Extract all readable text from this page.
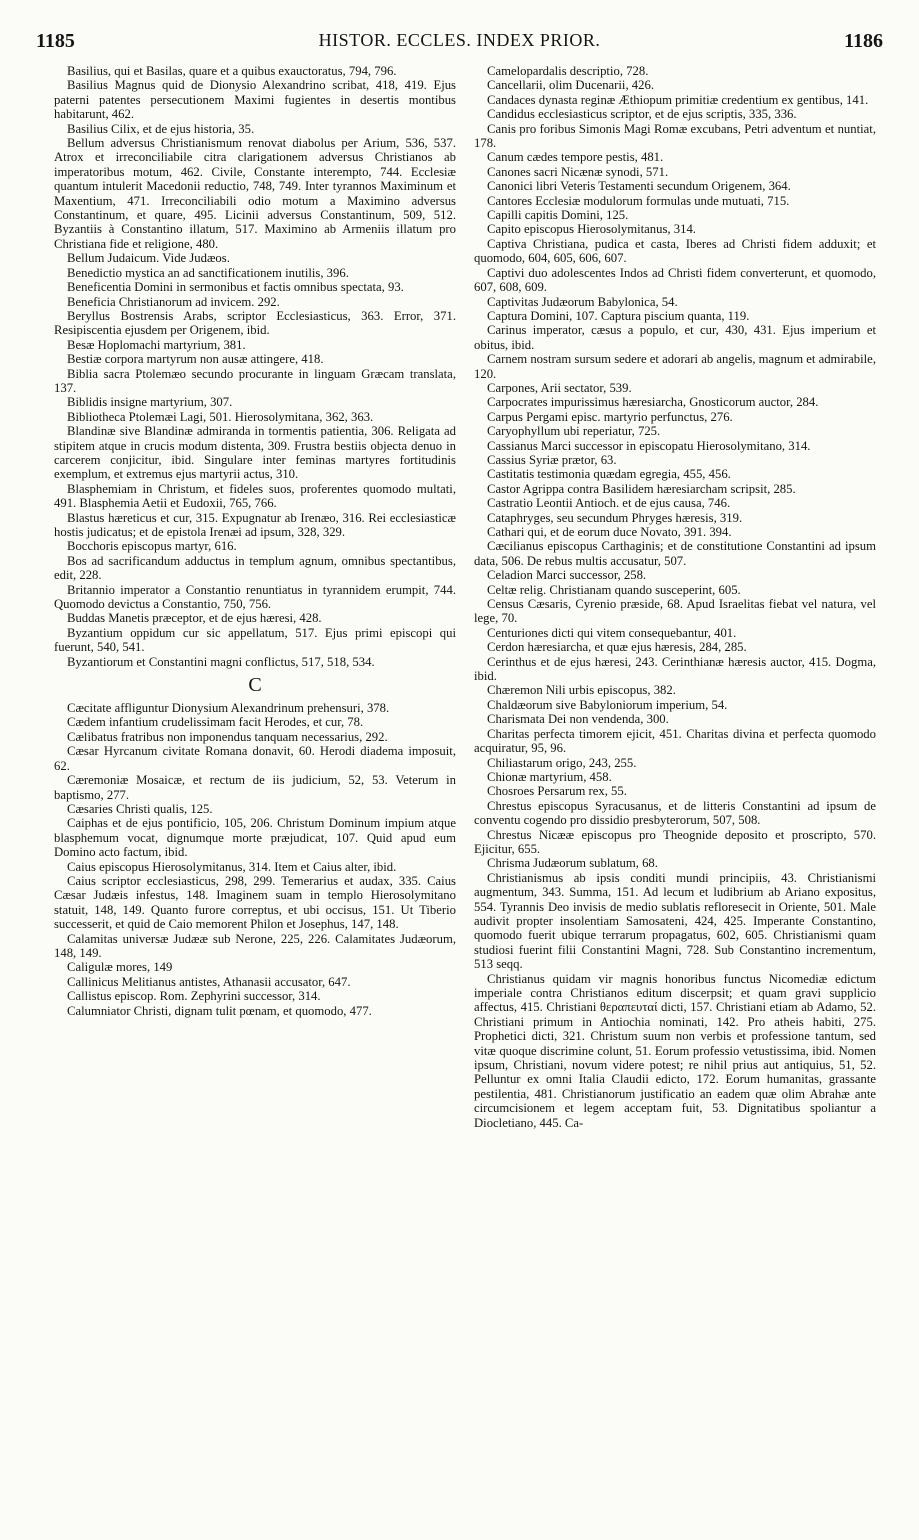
1185	HISTOR. ECCLES. INDEX PRIOR.	1186

Basilius, qui et Basilas, quare et a quibus exauctoratus, 794, 796.

Basilius Magnus quid de Dionysio Alexandrino scribat, 418, 419. Ejus paterni patentes persecutionem Maximi fugientes in desertis montibus habitarunt, 462.

Basilius Cilix, et de ejus historia, 35.

Bellum adversus Christianismum renovat diabolus per Arium, 536, 537. Atrox et irreconciliabile citra clarigationem adversus Christianos ab imperatoribus motum, 462. Civile, Constante interempto, 744. Ecclesiæ quantum intulerit Macedonii reductio, 748, 749. Inter tyrannos Maximinum et Maxentium, 471. Irreconciliabili odio motum a Maximino adversus Constantinum, et quare, 495. Licinii adversus Constantinum, 509, 512. Byzantiis à Constantino illatum, 517. Maximino ab Armeniis illatum pro Christiana fide et religione, 480.

Bellum Judaicum. Vide Judæos.

Benedictio mystica an ad sanctificationem inutilis, 396.

Beneficentia Domini in sermonibus et factis omnibus spectata, 93.

Beneficia Christianorum ad invicem. 292.

Beryllus Bostrensis Arabs, scriptor Ecclesiasticus, 363. Error, 371. Resipiscentia ejusdem per Origenem, ibid.

Besæ Hoplomachi martyrium, 381.

Bestiæ corpora martyrum non ausæ attingere, 418.

Biblia sacra Ptolemæo secundo procurante in linguam Græcam translata, 137.

Biblidis insigne martyrium, 307.

Bibliotheca Ptolemæi Lagi, 501. Hierosolymitana, 362, 363.

Blandinæ sive Blandinæ admiranda in tormentis patientia, 306. Religata ad stipitem atque in crucis modum distenta, 309. Frustra bestiis objecta denuo in carcerem conjicitur, ibid. Singulare inter feminas martyres fortitudinis exemplum, et extremus ejus martyrii actus, 310.

Blasphemiam in Christum, et fideles suos, proferentes quomodo multati, 491. Blasphemia Aetii et Eudoxii, 765, 766.

Blastus hæreticus et cur, 315. Expugnatur ab Irenæo, 316. Rei ecclesiasticæ hostis judicatus; et de epistola Irenæi ad ipsum, 328, 329.

Bocchoris episcopus martyr, 616.

Bos ad sacrificandum adductus in templum agnum, omnibus spectantibus, edit, 228.

Britannio imperator a Constantio renuntiatus in tyrannidem erumpit, 744. Quomodo devictus a Constantio, 750, 756.

Buddas Manetis præceptor, et de ejus hæresi, 428.

Byzantium oppidum cur sic appellatum, 517. Ejus primi episcopi qui fuerunt, 540, 541.

Byzantiorum et Constantini magni conflictus, 517, 518, 534.

C

Cæcitate affliguntur Dionysium Alexandrinum prehensuri, 378.

Cædem infantium crudelissimam facit Herodes, et cur, 78.

Cælibatus fratribus non imponendus tanquam necessarius, 292.

Cæsar Hyrcanum civitate Romana donavit, 60. Herodi diadema imposuit, 62.

Cæremoniæ Mosaicæ, et rectum de iis judicium, 52, 53. Veterum in baptismo, 277.

Cæsaries Christi qualis, 125.

Caiphas et de ejus pontificio, 105, 206. Christum Dominum impium atque blasphemum vocat, dignumque morte præjudicat, 107. Quid apud eum Domino acto factum, ibid.

Caius episcopus Hierosolymitanus, 314. Item et Caius alter, ibid.

Caius scriptor ecclesiasticus, 298, 299. Temerarius et audax, 335. Caius Cæsar Judæis infestus, 148. Imaginem suam in templo Hierosolymitano statuit, 148, 149. Quanto furore correptus, et ubi occisus, 151. Ut Tiberio successerit, et quid de Caio memorent Philon et Josephus, 147, 148.

Calamitas universæ Judææ sub Nerone, 225, 226. Calamitates Judæorum, 148, 149.

Caligulæ mores, 149

Callinicus Melitianus antistes, Athanasii accusator, 647.

Callistus episcop. Rom. Zephyrini successor, 314.

Calumniator Christi, dignam tulit pœnam, et quomodo, 477.

Camelopardalis descriptio, 728.

Cancellarii, olim Ducenarii, 426.

Candaces dynasta reginæ Æthiopum primitiæ credentium ex gentibus, 141.

Candidus ecclesiasticus scriptor, et de ejus scriptis, 335, 336.

Canis pro foribus Simonis Magi Romæ excubans, Petri adventum et nuntiat, 178.

Canum cædes tempore pestis, 481.

Canones sacri Nicænæ synodi, 571.

Canonici libri Veteris Testamenti secundum Origenem, 364.

Cantores Ecclesiæ modulorum formulas unde mutuati, 715.

Capilli capitis Domini, 125.

Capito episcopus Hierosolymitanus, 314.

Captiva Christiana, pudica et casta, Iberes ad Christi fidem adduxit; et quomodo, 604, 605, 606, 607.

Captivi duo adolescentes Indos ad Christi fidem converterunt, et quomodo, 607, 608, 609.

Captivitas Judæorum Babylonica, 54.

Captura Domini, 107. Captura piscium quanta, 119.

Carinus imperator, cæsus a populo, et cur, 430, 431. Ejus imperium et obitus, ibid.

Carnem nostram sursum sedere et adorari ab angelis, magnum et admirabile, 120.

Carpones, Arii sectator, 539.

Carpocrates impurissimus hæresiarcha, Gnosticorum auctor, 284.

Carpus Pergami episc. martyrio perfunctus, 276.

Caryophyllum ubi reperiatur, 725.

Cassianus Marci successor in episcopatu Hierosolymitano, 314.

Cassius Syriæ prætor, 63.

Castitatis testimonia quædam egregia, 455, 456.

Castor Agrippa contra Basilidem hæresiarcham scripsit, 285.

Castratio Leontii Antioch. et de ejus causa, 746.

Cataphryges, seu secundum Phryges hæresis, 319.

Cathari qui, et de eorum duce Novato, 391. 394.

Cæcilianus episcopus Carthaginis; et de constitutione Constantini ad ipsum data, 506. De rebus multis accusatur, 507.

Celadion Marci successor, 258.

Celtæ relig. Christianam quando susceperint, 605.

Census Cæsaris, Cyrenio præside, 68. Apud Israelitas fiebat vel natura, vel lege, 70.

Centuriones dicti qui vitem consequebantur, 401.

Cerdon hæresiarcha, et quæ ejus hæresis, 284, 285.

Cerinthus et de ejus hæresi, 243. Cerinthianæ hæresis auctor, 415. Dogma, ibid.

Chæremon Nili urbis episcopus, 382.

Chaldæorum sive Babyloniorum imperium, 54.

Charismata Dei non vendenda, 300.

Charitas perfecta timorem ejicit, 451. Charitas divina et perfecta quomodo acquiratur, 95, 96.

Chiliastarum origo, 243, 255.

Chionæ martyrium, 458.

Chosroes Persarum rex, 55.

Chrestus episcopus Syracusanus, et de litteris Constantini ad ipsum de conventu cogendo pro dissidio presbyterorum, 507, 508.

Chrestus Nicææ episcopus pro Theognide deposito et proscripto, 570. Ejicitur, 655.

Chrisma Judæorum sublatum, 68.

Christianismus ab ipsis conditi mundi principiis, 43. Christianismi augmentum, 343. Summa, 151. Ad lecum et ludibrium ab Ariano expositus, 554. Tyrannis Deo invisis de medio sublatis refloresecit in Oriente, 501. Male audivit propter insolentiam Samosateni, 424, 425. Imperante Constantino, quomodo fuerit ubique terrarum propagatus, 602, 605. Christianismi quam studiosi fuerint filii Constantini Magni, 728. Sub Constantino incrementum, 513 seqq.

Christianus quidam vir magnis honoribus functus Nicomediæ edictum imperiale contra Christianos editum discerpsit; et quam gravi supplicio affectus, 415. Christiani θεραπευταί dicti, 157. Christiani etiam ab Adamo, 52. Christiani primum in Antiochia nominati, 142. Pro atheis habiti, 275. Prophetici dicti, 321. Christum suum non verbis et professione tantum, sed vitæ quoque discrimine colunt, 51. Eorum professio vetustissima, ibid. Nomen ipsum, Christiani, novum videre potest; re nihil prius aut antiquius, 51, 52. Pelluntur ex omni Italia Claudii edicto, 172. Eorum humanitas, grassante pestilentia, 481. Christianorum justificatio an eadem quæ olim Abrahæ ante circumcisionem et legem acceptam fuit, 53. Dignitatibus spoliantur a Diocletiano, 445. Ca-
